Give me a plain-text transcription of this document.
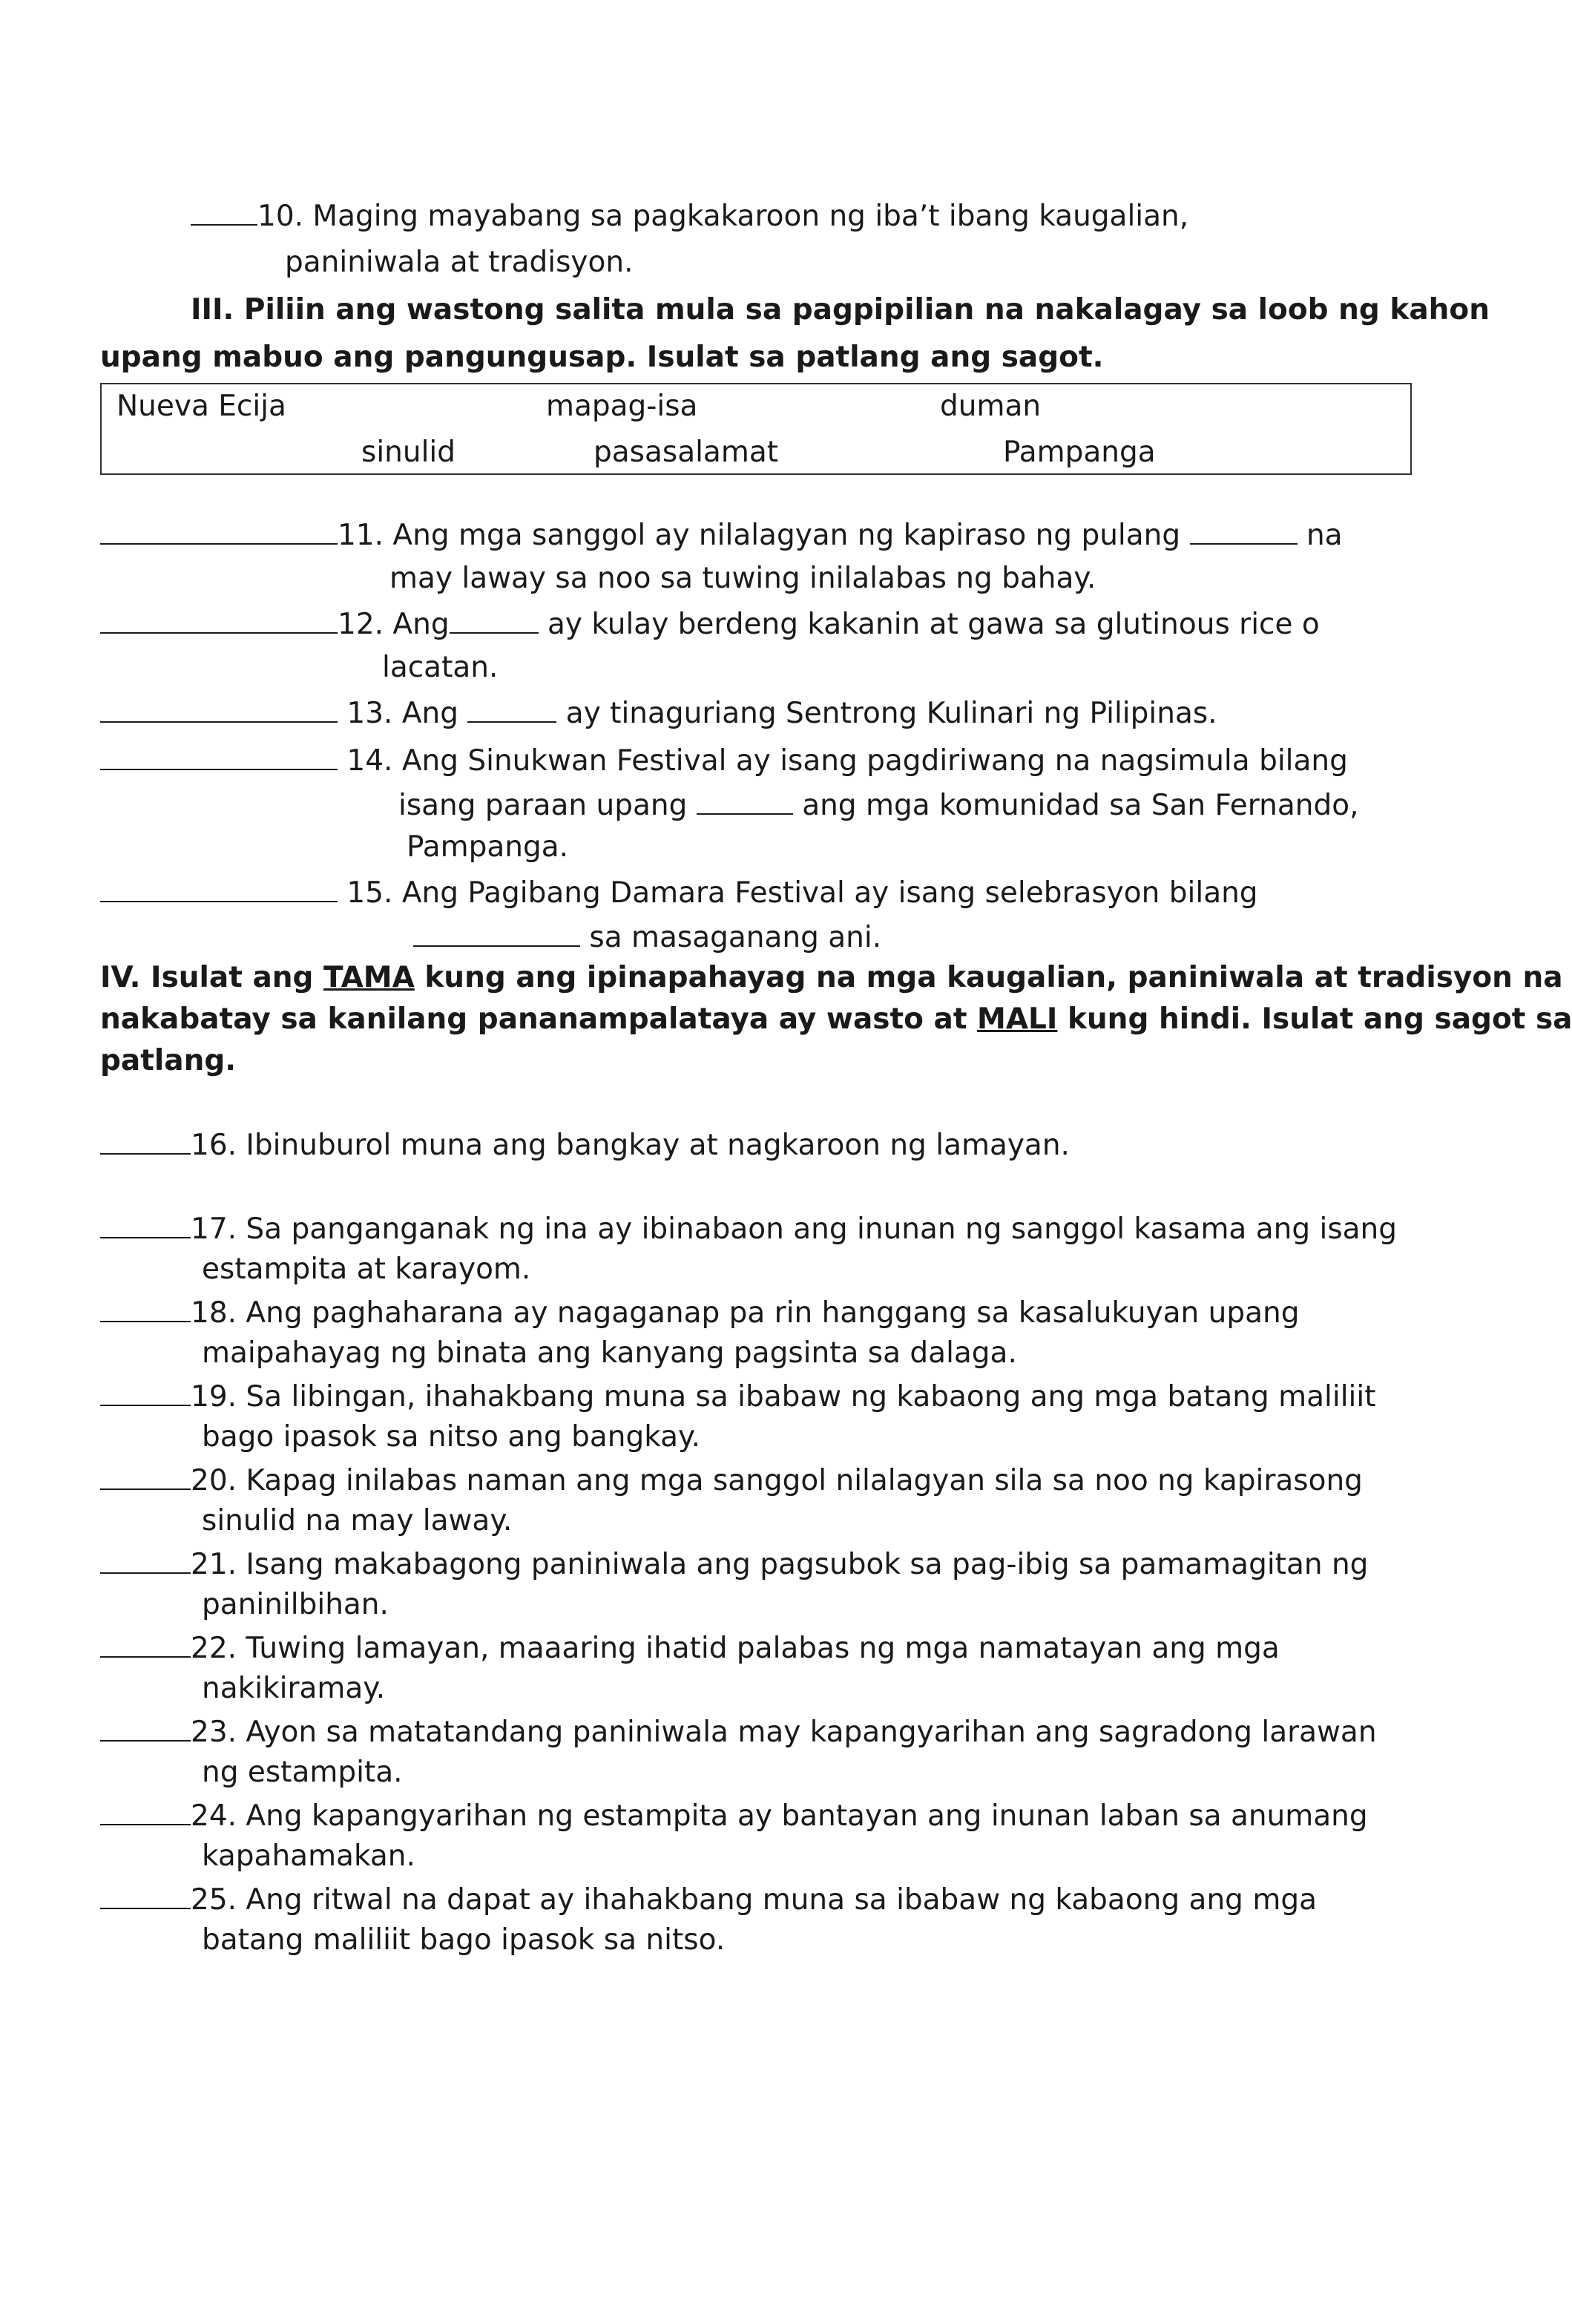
10. Maging mayabang sa pagkakaroon ng iba’t ibang kaugalian,
paniniwala at tradisyon.
III. Piliin ang wastong salita mula sa pagpipilian na nakalagay sa loob ng kahon
upang mabuo ang pangungusap. Isulat sa patlang ang sagot.
Nueva Ecija	mapag-isa	duman
sinulid	pasasalamat	Pampanga
11. Ang mga sanggol ay nilalagyan ng kapiraso ng pulang	na
may laway sa noo sa tuwing inilalabas ng bahay.
12. Ang	ay kulay berdeng kakanin at gawa sa glutinous rice o
lacatan.
13. Ang	ay tinaguriang Sentrong Kulinari ng Pilipinas.
14. Ang Sinukwan Festival ay isang pagdiriwang na nagsimula bilang
isang paraan upang	ang mga komunidad sa San Fernando,
Pampanga.
15. Ang Pagibang Damara Festival ay isang selebrasyon bilang
sa masaganang ani.
IV. Isulat ang TAMA kung ang ipinapahayag na mga kaugalian, paniniwala at tradisyon na
nakabatay sa kanilang pananampalataya ay wasto at MALI kung hindi. Isulat ang sagot sa
patlang.
16. Ibinuburol muna ang bangkay at nagkaroon ng lamayan.
17. Sa panganganak ng ina ay ibinabaon ang inunan ng sanggol kasama ang isang
estampita at karayom.
18. Ang paghaharana ay nagaganap pa rin hanggang sa kasalukuyan upang
maipahayag ng binata ang kanyang pagsinta sa dalaga.
19. Sa libingan, ihahakbang muna sa ibabaw ng kabaong ang mga batang maliliit
bago ipasok sa nitso ang bangkay.
20. Kapag inilabas naman ang mga sanggol nilalagyan sila sa noo ng kapirasong
sinulid na may laway.
21. Isang makabagong paniniwala ang pagsubok sa pag-ibig sa pamamagitan ng
paninilbihan.
22. Tuwing lamayan, maaaring ihatid palabas ng mga namatayan ang mga
nakikiramay.
23. Ayon sa matatandang paniniwala may kapangyarihan ang sagradong larawan
ng estampita.
24. Ang kapangyarihan ng estampita ay bantayan ang inunan laban sa anumang
kapahamakan.
25. Ang ritwal na dapat ay ihahakbang muna sa ibabaw ng kabaong ang mga
batang maliliit bago ipasok sa nitso.
